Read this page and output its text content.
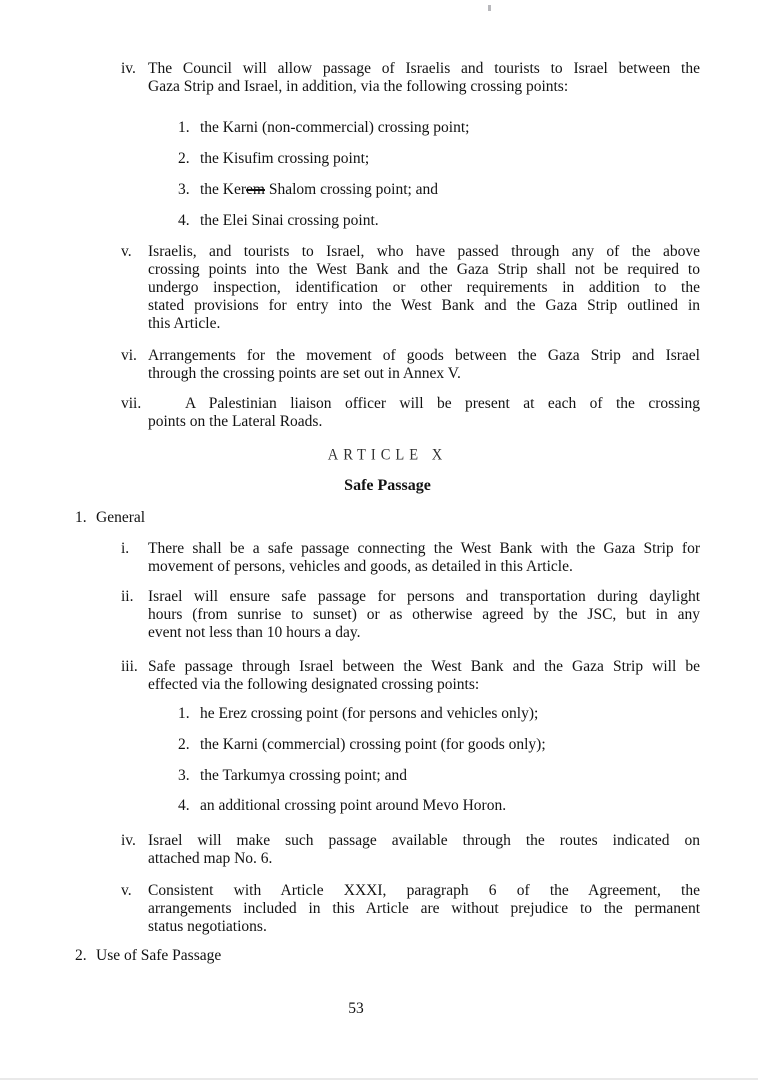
iv. The Council will allow passage of Israelis and tourists to Israel between the
Gaza Strip and Israel, in addition, via the following crossing points:
1. the Karni (non-commercial) crossing point;
2. the Kisufim crossing point;
3. the Kerem Shalom crossing point; and
4. the Elei Sinai crossing point.
v. Israelis, and tourists to Israel, who have passed through any of the above
crossing points into the West Bank and the Gaza Strip shall not be required to
undergo inspection, identification or other requirements in addition to the
stated provisions for entry into the West Bank and the Gaza Strip outlined in
this Article.
vi. Arrangements for the movement of goods between the Gaza Strip and Israel
through the crossing points are set out in Annex V.
vii.	A Palestinian liaison officer will be present at each of the crossing
points on the Lateral Roads.
ARTICLE X
Safe Passage
1. General
i. There shall be a safe passage connecting the West Bank with the Gaza Strip for
movement of persons, vehicles and goods, as detailed in this Article.
ii. Israel will ensure safe passage for persons and transportation during daylight
hours (from sunrise to sunset) or as otherwise agreed by the JSC, but in any
event not less than 10 hours a day.
iii. Safe passage through Israel between the West Bank and the Gaza Strip will be
effected via the following designated crossing points:
1. he Erez crossing point (for persons and vehicles only);
2. the Karni (commercial) crossing point (for goods only);
3. the Tarkumya crossing point; and
4. an additional crossing point around Mevo Horon.
iv. Israel will make such passage available through the routes indicated on
attached map No. 6.
v. Consistent with Article XXXI, paragraph 6 of the Agreement, the
arrangements included in this Article are without prejudice to the permanent
status negotiations.
2. Use of Safe Passage
53
